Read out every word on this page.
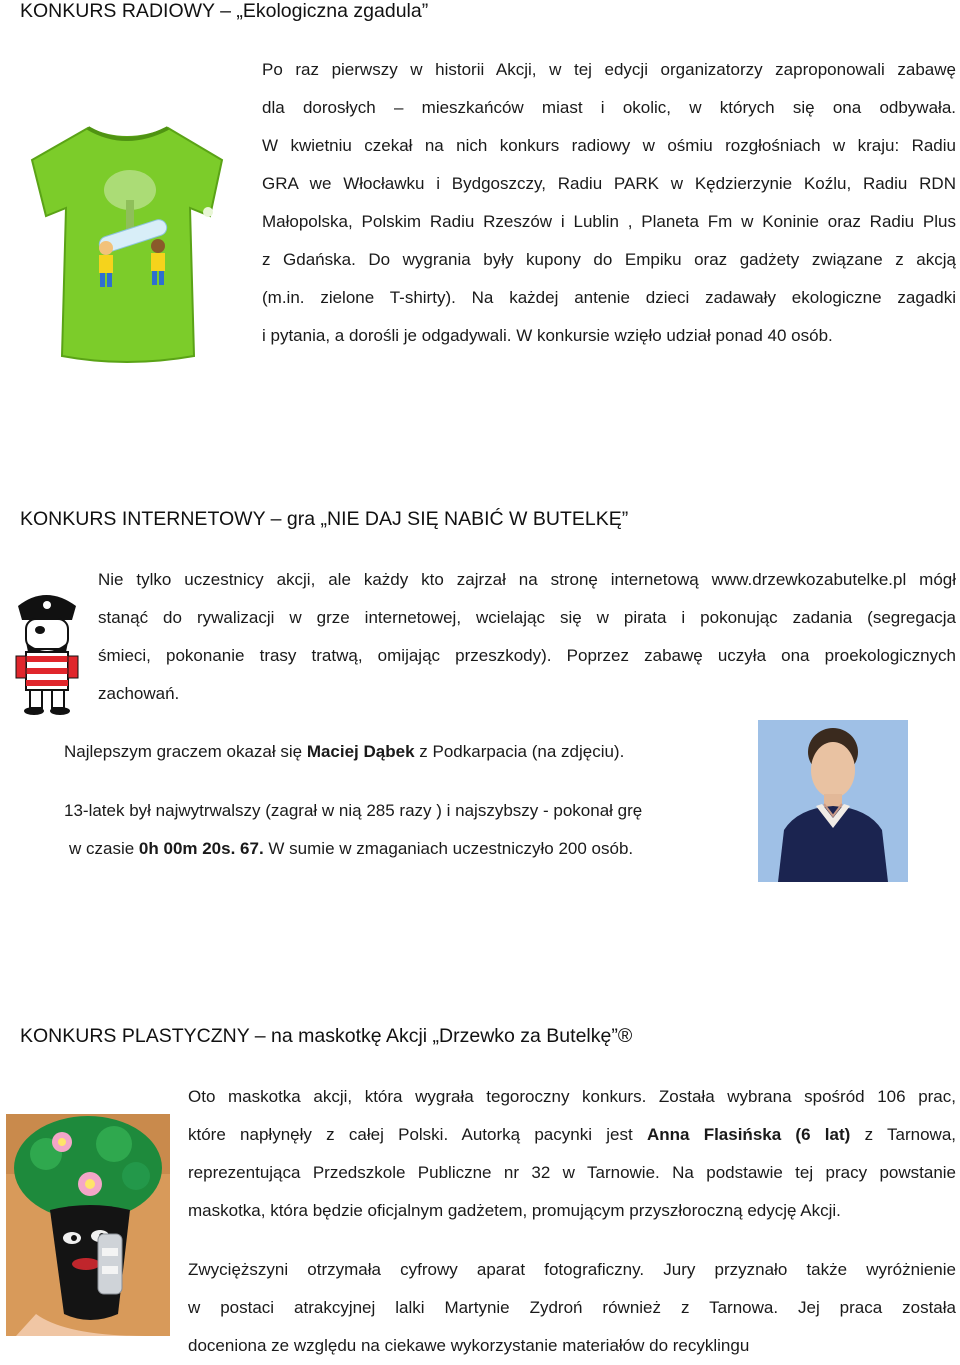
KONKURS RADIOWY – „Ekologiczna zgadula”
Po raz pierwszy w historii Akcji, w tej edycji organizatorzy zaproponowali zabawę
dla dorosłych – mieszkańców miast i okolic, w których się ona odbywała.
W kwietniu czekał na nich konkurs radiowy w ośmiu rozgłośniach w kraju: Radiu
GRA we Włocławku i Bydgoszczy, Radiu PARK w Kędzierzynie Koźlu, Radiu RDN
Małopolska, Polskim Radiu Rzeszów i Lublin , Planeta Fm w Koninie oraz Radiu Plus
z Gdańska. Do wygrania były kupony do Empiku oraz gadżety związane z akcją
(m.in. zielone T-shirty). Na każdej antenie dzieci zadawały ekologiczne zagadki
i pytania, a dorośli je odgadywali. W konkursie wzięło udział ponad 40 osób.
KONKURS INTERNETOWY – gra „NIE DAJ SIĘ NABIĆ W BUTELKĘ”
Nie tylko uczestnicy akcji, ale każdy kto zajrzał na stronę internetową www.drzewkozabutelke.pl mógł
stanąć do rywalizacji w grze internetowej, wcielając się w pirata i pokonując zadania (segregacja
śmieci, pokonanie trasy tratwą, omijając przeszkody). Poprzez zabawę uczyła ona proekologicznych
zachowań.
Najlepszym graczem okazał się Maciej Dąbek z Podkarpacia (na zdjęciu).
13-latek był najwytrwalszy (zagrał w nią 285 razy ) i najszybszy - pokonał grę
w czasie 0h 00m 20s. 67. W sumie w zmaganiach uczestniczyło 200 osób.
KONKURS PLASTYCZNY – na maskotkę Akcji „Drzewko za Butelkę”®
Oto maskotka akcji, która wygrała tegoroczny konkurs. Została wybrana spośród 106 prac,
które napłynęły z całej Polski. Autorką pacynki jest Anna Flasińska (6 lat) z Tarnowa,
reprezentująca Przedszkole Publiczne nr 32 w Tarnowie. Na podstawie tej pracy powstanie
maskotka, która będzie oficjalnym gadżetem, promującym przyszłoroczną edycję Akcji.
Zwycięższyni otrzymała cyfrowy aparat fotograficzny. Jury przyznało także wyróżnienie
w postaci atrakcyjnej lalki Martynie Zydroń również z Tarnowa. Jej praca została
doceniona ze względu na ciekawe wykorzystanie materiałów do recyklingu
